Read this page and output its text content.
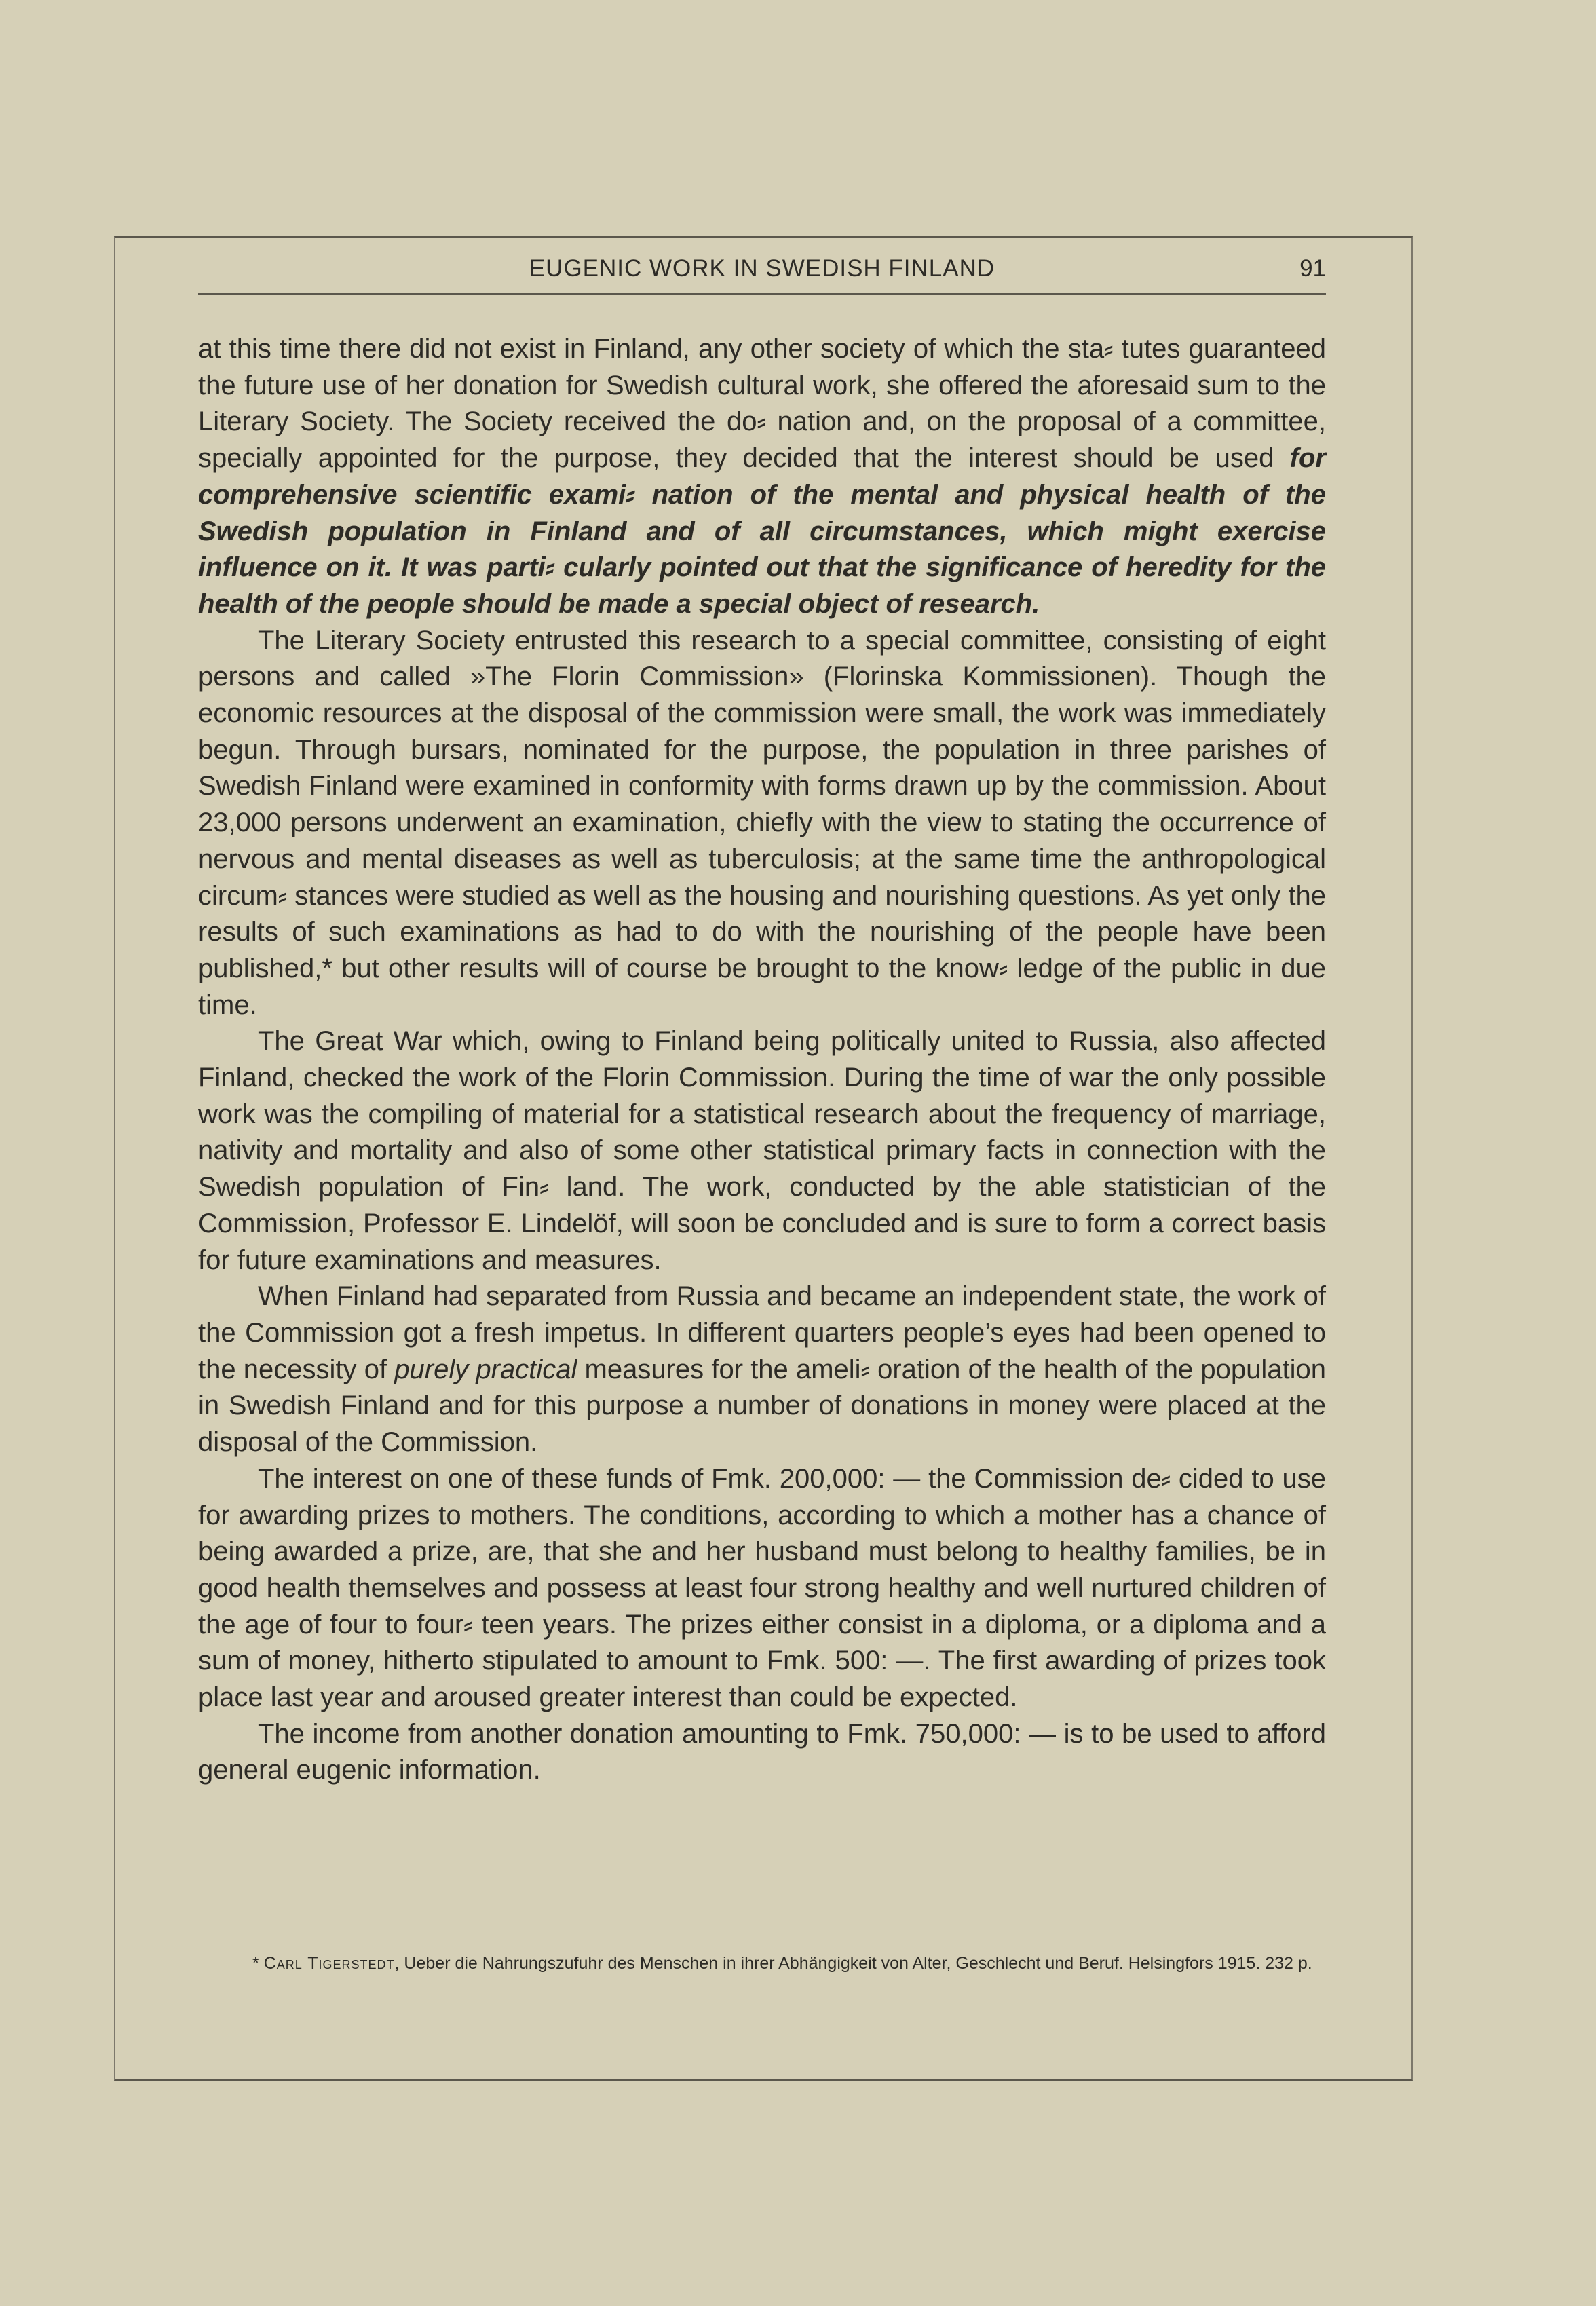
EUGENIC WORK IN SWEDISH FINLAND	91

at this time there did not exist in Finland, any other society of which the sta⸗ tutes guaranteed the future use of her donation for Swedish cultural work, she offered the aforesaid sum to the Literary Society. The Society received the do⸗ nation and, on the proposal of a committee, specially appointed for the purpose, they decided that the interest should be used for comprehensive scientific exami⸗ nation of the mental and physical health of the Swedish population in Finland and of all circumstances, which might exercise influence on it. It was parti⸗ cularly pointed out that the significance of heredity for the health of the people should be made a special object of research.

The Literary Society entrusted this research to a special committee, consisting of eight persons and called »The Florin Commission» (Florinska Kommissionen). Though the economic resources at the disposal of the commission were small, the work was immediately begun. Through bursars, nominated for the purpose, the population in three parishes of Swedish Finland were examined in conformity with forms drawn up by the commission. About 23,000 persons underwent an examination, chiefly with the view to stating the occurrence of nervous and mental diseases as well as tuberculosis; at the same time the anthropological circum⸗ stances were studied as well as the housing and nourishing questions. As yet only the results of such examinations as had to do with the nourishing of the people have been published,* but other results will of course be brought to the know⸗ ledge of the public in due time.

The Great War which, owing to Finland being politically united to Russia, also affected Finland, checked the work of the Florin Commission. During the time of war the only possible work was the compiling of material for a statistical research about the frequency of marriage, nativity and mortality and also of some other statistical primary facts in connection with the Swedish population of Fin⸗ land. The work, conducted by the able statistician of the Commission, Professor E. Lindelöf, will soon be concluded and is sure to form a correct basis for future examinations and measures.

When Finland had separated from Russia and became an independent state, the work of the Commission got a fresh impetus. In different quarters people’s eyes had been opened to the necessity of purely practical measures for the ameli⸗ oration of the health of the population in Swedish Finland and for this purpose a number of donations in money were placed at the disposal of the Commission.

The interest on one of these funds of Fmk. 200,000: — the Commission de⸗ cided to use for awarding prizes to mothers. The conditions, according to which a mother has a chance of being awarded a prize, are, that she and her husband must belong to healthy families, be in good health themselves and possess at least four strong healthy and well nurtured children of the age of four to four⸗ teen years. The prizes either consist in a diploma, or a diploma and a sum of money, hitherto stipulated to amount to Fmk. 500: —. The first awarding of prizes took place last year and aroused greater interest than could be expected.

The income from another donation amounting to Fmk. 750,000: — is to be used to afford general eugenic information.

* Carl Tigerstedt, Ueber die Nahrungszufuhr des Menschen in ihrer Abhängigkeit von Alter, Geschlecht und Beruf. Helsingfors 1915. 232 p.
